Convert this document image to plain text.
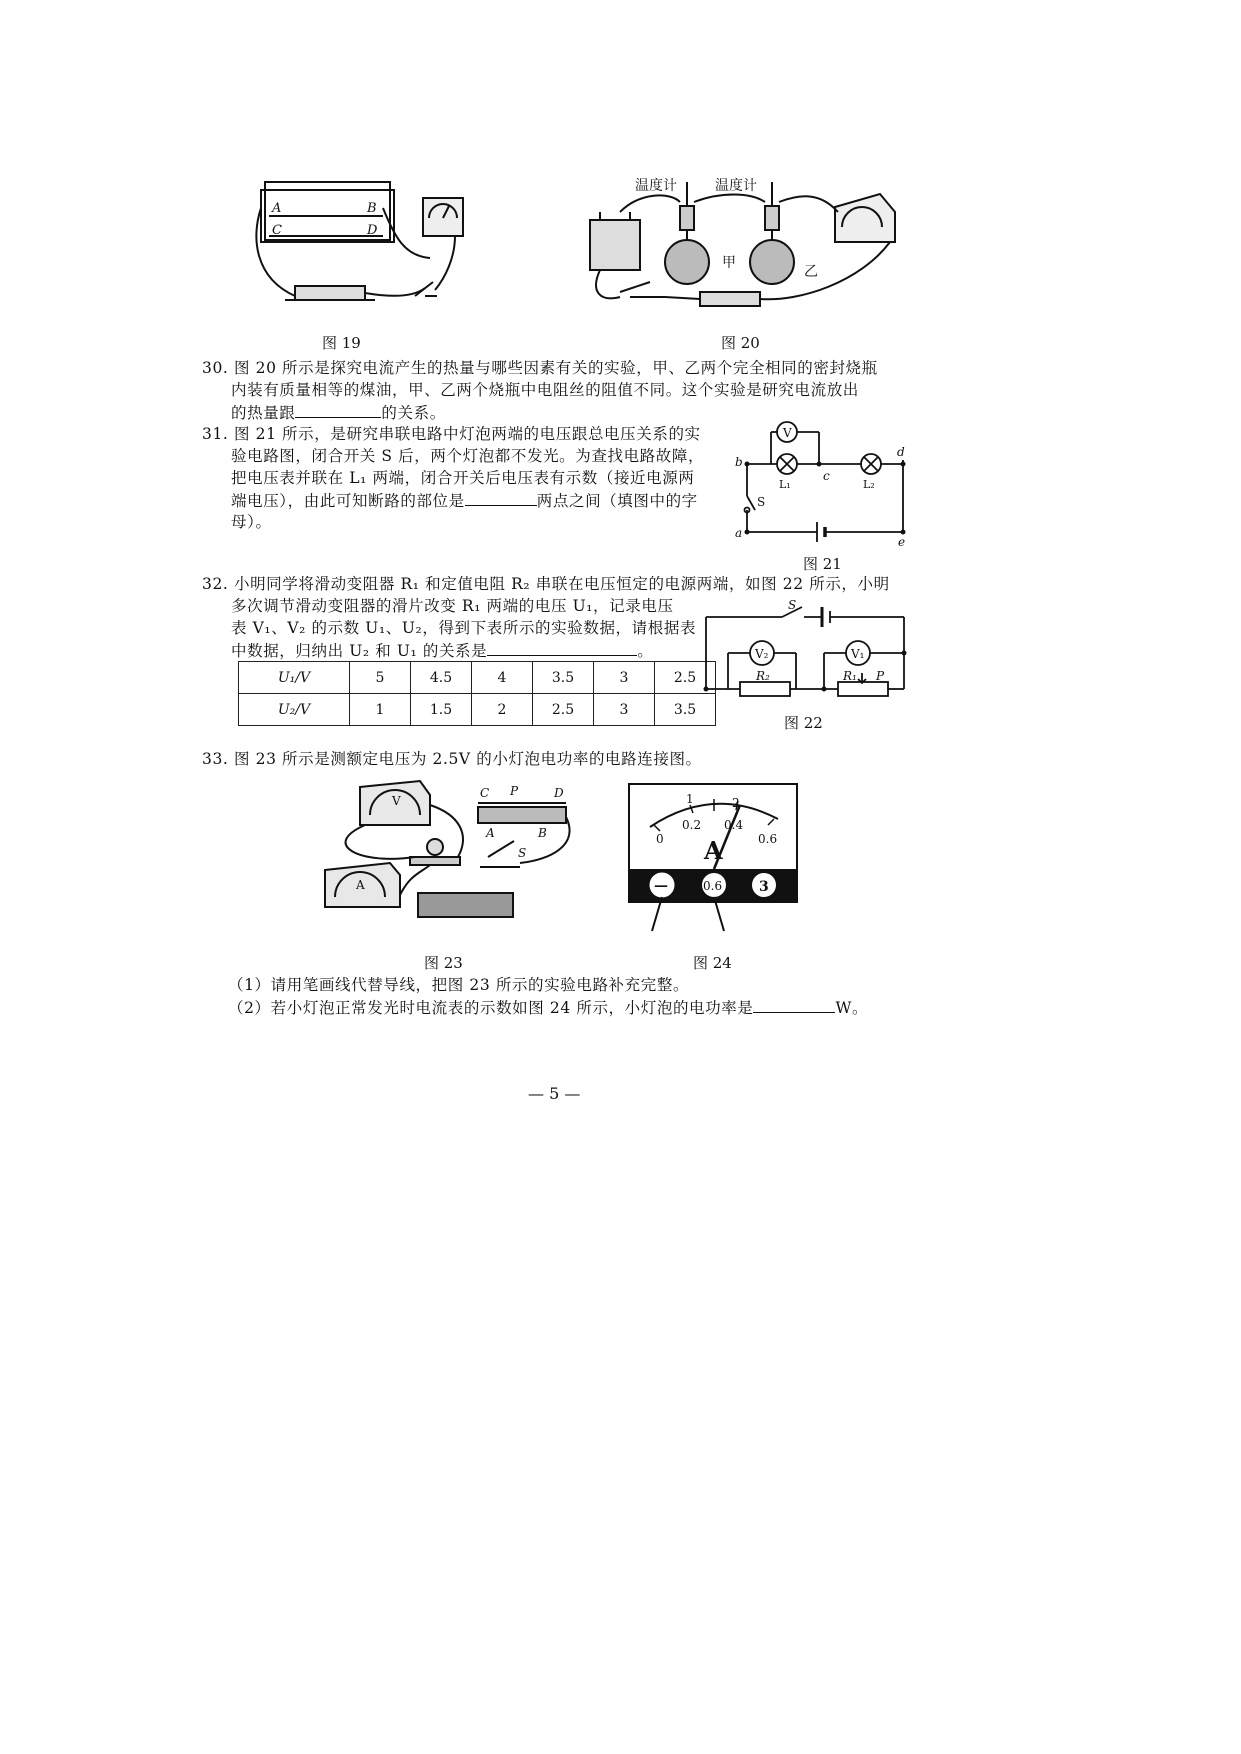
A	B
C	D
图 19
温度计	温度计
甲
乙
图 20
30. 图 20 所示是探究电流产生的热量与哪些因素有关的实验，甲、乙两个完全相同的密封烧瓶
内装有质量相等的煤油，甲、乙两个烧瓶中电阻丝的阻值不同。这个实验是研究电流放出
的热量跟	的关系。
31. 图 21 所示，是研究串联电路中灯泡两端的电压跟总电压关系的实
验电路图，闭合开关 S 后，两个灯泡都不发光。为查找电路故障，
把电压表并联在 L₁ 两端，闭合开关后电压表有示数（接近电源两
端电压），由此可知断路的部位是	两点之间（填图中的字
母）。
V
a
b
c
d
e
L₁	L₂
S
图 21
32. 小明同学将滑动变阻器 R₁ 和定值电阻 R₂ 串联在电压恒定的电源两端，如图 22 所示，小明
多次调节滑动变阻器的滑片改变 R₁ 两端的电压 U₁，记录电压
表 V₁、V₂ 的示数 U₁、U₂，得到下表所示的实验数据，请根据表
中数据，归纳出 U₂ 和 U₁ 的关系是	。
U₁/V	5	4.5	4	3.5	3	2.5
U₂/V	1	1.5	2	2.5	3	3.5
S
V₂	V₁
R₂	R₁ P
图 22
33. 图 23 所示是测额定电压为 2.5V 的小灯泡电功率的电路连接图。
V
A
C P	D
A	B
S
图 23
1	2
0
0.2 0.4
0.6
A
—	0.6	3
图 24
（1）请用笔画线代替导线，把图 23 所示的实验电路补充完整。
（2）若小灯泡正常发光时电流表的示数如图 24 所示，小灯泡的电功率是	W。
— 5 —
